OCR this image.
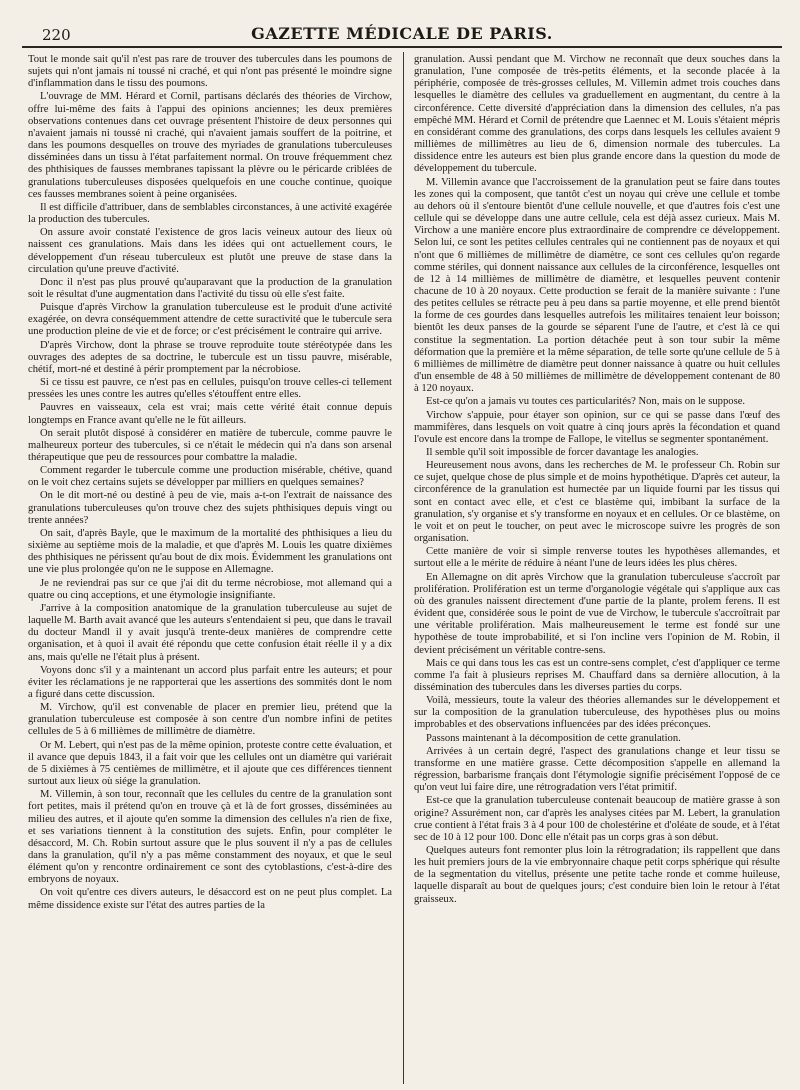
220	GAZETTE MÉDICALE DE PARIS.

Tout le monde sait qu'il n'est pas rare de trouver des tubercules dans les poumons de sujets qui n'ont jamais ni toussé ni craché, et qui n'ont pas présenté le moindre signe d'inflammation dans le tissu des poumons.

L'ouvrage de MM. Hérard et Cornil, partisans déclarés des théories de Virchow, offre lui-même des faits à l'appui des opinions anciennes; les deux premières observations contenues dans cet ouvrage présentent l'histoire de deux personnes qui n'avaient jamais ni toussé ni craché, qui n'avaient jamais souffert de la poitrine, et dans les poumons desquelles on trouve des myriades de granulations tuberculeuses disséminées dans un tissu à l'état parfaitement normal. On trouve fréquemment chez des phthisiques de fausses membranes tapissant la plèvre ou le péricarde criblées de granulations tuberculeuses disposées quelquefois en une couche continue, quoique ces fausses membranes soient à peine organisées.

Il est difficile d'attribuer, dans de semblables circonstances, à une activité exagérée la production des tubercules.

On assure avoir constaté l'existence de gros lacis veineux autour des lieux où naissent ces granulations. Mais dans les idées qui ont actuellement cours, le développement d'un réseau tuberculeux est plutôt une preuve de stase dans la circulation qu'une preuve d'activité.

Donc il n'est pas plus prouvé qu'auparavant que la production de la granulation soit le résultat d'une augmentation dans l'activité du tissu où elle s'est faite.

Puisque d'après Virchow la granulation tuberculeuse est le produit d'une activité exagérée, on devra conséquemment attendre de cette suractivité que le tubercule sera une production pleine de vie et de force; or c'est précisément le contraire qui arrive.

D'après Virchow, dont la phrase se trouve reproduite toute stéréotypée dans les ouvrages des adeptes de sa doctrine, le tubercule est un tissu pauvre, misérable, chétif, mort-né et destiné à périr promptement par la nécrobiose.

Si ce tissu est pauvre, ce n'est pas en cellules, puisqu'on trouve celles-ci tellement pressées les unes contre les autres qu'elles s'étouffent entre elles.

Pauvres en vaisseaux, cela est vrai; mais cette vérité était connue depuis longtemps en France avant qu'elle ne le fût ailleurs.

On serait plutôt disposé à considérer en matière de tubercule, comme pauvre le malheureux porteur des tubercules, si ce n'était le médecin qui n'a dans son arsenal thérapeutique que peu de ressources pour combattre la maladie.

Comment regarder le tubercule comme une production misérable, chétive, quand on le voit chez certains sujets se développer par milliers en quelques semaines?

On le dit mort-né ou destiné à peu de vie, mais a-t-on l'extrait de naissance des granulations tuberculeuses qu'on trouve chez des sujets phthisiques depuis vingt ou trente années?

On sait, d'après Bayle, que le maximum de la mortalité des phthisiques a lieu du sixième au septième mois de la maladie, et que d'après M. Louis les quatre dixièmes des phthisiques ne périssent qu'au bout de dix mois. Évidemment les granulations ont une vie plus prolongée qu'on ne le suppose en Allemagne.

Je ne reviendrai pas sur ce que j'ai dit du terme nécrobiose, mot allemand qui a quatre ou cinq acceptions, et une étymologie insignifiante.

J'arrive à la composition anatomique de la granulation tuberculeuse au sujet de laquelle M. Barth avait avancé que les auteurs s'entendaient si peu, que dans le travail du docteur Mandl il y avait jusqu'à trente-deux manières de comprendre cette organisation, et à quoi il avait été répondu que cette confusion était réelle il y a dix ans, mais qu'elle ne l'était plus à présent.

Voyons donc s'il y a maintenant un accord plus parfait entre les auteurs; et pour éviter les réclamations je ne rapporterai que les assertions des sommités dont le nom a figuré dans cette discussion.

M. Virchow, qu'il est convenable de placer en premier lieu, prétend que la granulation tuberculeuse est composée à son centre d'un nombre infini de petites cellules de 5 à 6 millièmes de millimètre de diamètre.

Or M. Lebert, qui n'est pas de la même opinion, proteste contre cette évaluation, et il avance que depuis 1843, il a fait voir que les cellules ont un diamètre qui variérait de 5 dixièmes à 75 centièmes de millimètre, et il ajoute que ces différences tiennent surtout aux lieux où siége la granulation.

M. Villemin, à son tour, reconnaît que les cellules du centre de la granulation sont fort petites, mais il prétend qu'on en trouve çà et là de fort grosses, disséminées au milieu des autres, et il ajoute qu'en somme la dimension des cellules n'a rien de fixe, et ses variations tiennent à la constitution des sujets. Enfin, pour compléter le désaccord, M. Ch. Robin surtout assure que le plus souvent il n'y a pas de cellules dans la granulation, qu'il n'y a pas même constamment des noyaux, et que le seul élément qu'on y rencontre ordinairement ce sont des cytoblastions, c'est-à-dire des embryons de noyaux.

On voit qu'entre ces divers auteurs, le désaccord est on ne peut plus complet. La même dissidence existe sur l'état des autres parties de la

granulation. Aussi pendant que M. Virchow ne reconnaît que deux souches dans la granulation, l'une composée de très-petits éléments, et la seconde placée à la périphérie, composée de très-grosses cellules, M. Villemin admet trois couches dans lesquelles le diamètre des cellules va graduellement en augmentant, du centre à la circonférence. Cette diversité d'appréciation dans la dimension des cellules, n'a pas empêché MM. Hérard et Cornil de prétendre que Laennec et M. Louis s'étaient mépris en considérant comme des granulations, des corps dans lesquels les cellules avaient 9 millièmes de millimètres au lieu de 6, dimension normale des tubercules. La dissidence entre les auteurs est bien plus grande encore dans la question du mode de développement du tubercule.

M. Villemin avance que l'accroissement de la granulation peut se faire dans toutes les zones qui la composent, que tantôt c'est un noyau qui crève une cellule et tombe au dehors où il s'entoure bientôt d'une cellule nouvelle, et que d'autres fois c'est une cellule qui se développe dans une autre cellule, cela est déjà assez curieux. Mais M. Virchow a une manière encore plus extraordinaire de comprendre ce développement. Selon lui, ce sont les petites cellules centrales qui ne contiennent pas de noyaux et qui n'ont que 6 millièmes de millimètre de diamètre, ce sont ces cellules qu'on regarde comme stériles, qui donnent naissance aux cellules de la circonférence, lesquelles ont de 12 à 14 millièmes de millimètre de diamètre, et lesquelles peuvent contenir chacune de 10 à 20 noyaux. Cette production se ferait de la manière suivante : l'une des petites cellules se rétracte peu à peu dans sa partie moyenne, et elle prend bientôt la forme de ces gourdes dans lesquelles autrefois les militaires tenaient leur boisson; bientôt les deux panses de la gourde se séparent l'une de l'autre, et c'est là ce qui constitue la segmentation. La portion détachée peut à son tour subir la même déformation que la première et la même séparation, de telle sorte qu'une cellule de 5 à 6 millièmes de millimètre de diamètre peut donner naissance à quatre ou huit cellules d'un ensemble de 48 à 50 millièmes de millimètre de développement contenant de 80 à 120 noyaux.

Est-ce qu'on a jamais vu toutes ces particularités? Non, mais on le suppose.

Virchow s'appuie, pour étayer son opinion, sur ce qui se passe dans l'œuf des mammifères, dans lesquels on voit quatre à cinq jours après la fécondation et quand l'ovule est encore dans la trompe de Fallope, le vitellus se segmenter spontanément.

Il semble qu'il soit impossible de forcer davantage les analogies.

Heureusement nous avons, dans les recherches de M. le professeur Ch. Robin sur ce sujet, quelque chose de plus simple et de moins hypothétique. D'après cet auteur, la circonférence de la granulation est humectée par un liquide fourni par les tissus qui sont en contact avec elle, et c'est ce blastème qui, imbibant la surface de la granulation, s'y organise et s'y transforme en noyaux et en cellules. Or ce blastème, on le voit et on peut le toucher, on peut avec le microscope suivre les progrès de son organisation.

Cette manière de voir si simple renverse toutes les hypothèses allemandes, et surtout elle a le mérite de réduire à néant l'une de leurs idées les plus chères.

En Allemagne on dit après Virchow que la granulation tuberculeuse s'accroît par prolifération. Prolifération est un terme d'organologie végétale qui s'applique aux cas où des granules naissent directement d'une partie de la plante, prolem ferens. Il est évident que, considérée sous le point de vue de Virchow, le tubercule s'accroîtrait par une véritable prolifération. Mais malheureusement le terme est fondé sur une hypothèse de toute improbabilité, et si l'on incline vers l'opinion de M. Robin, il devient précisément un véritable contre-sens.

Mais ce qui dans tous les cas est un contre-sens complet, c'est d'appliquer ce terme comme l'a fait à plusieurs reprises M. Chauffard dans sa dernière allocution, à la dissémination des tubercules dans les diverses parties du corps.

Voilà, messieurs, toute la valeur des théories allemandes sur le développement et sur la composition de la granulation tuberculeuse, des hypothèses plus ou moins improbables et des observations influencées par des idées préconçues.

Passons maintenant à la décomposition de cette granulation.

Arrivées à un certain degré, l'aspect des granulations change et leur tissu se transforme en une matière grasse. Cette décomposition s'appelle en allemand la régression, barbarisme français dont l'étymologie signifie précisément l'opposé de ce qu'on veut lui faire dire, une rétrogradation vers l'état primitif.

Est-ce que la granulation tuberculeuse contenait beaucoup de matière grasse à son origine? Assurément non, car d'après les analyses citées par M. Lebert, la granulation crue contient à l'état frais 3 à 4 pour 100 de cholestérine et d'oléate de soude, et à l'état sec de 10 à 12 pour 100. Donc elle n'était pas un corps gras à son début.

Quelques auteurs font remonter plus loin la rétrogradation; ils rappellent que dans les huit premiers jours de la vie embryonnaire chaque petit corps sphérique qui résulte de la segmentation du vitellus, présente une petite tache ronde et comme huileuse, laquelle disparaît au bout de quelques jours; c'est conduire bien loin le retour à l'état graisseux.
